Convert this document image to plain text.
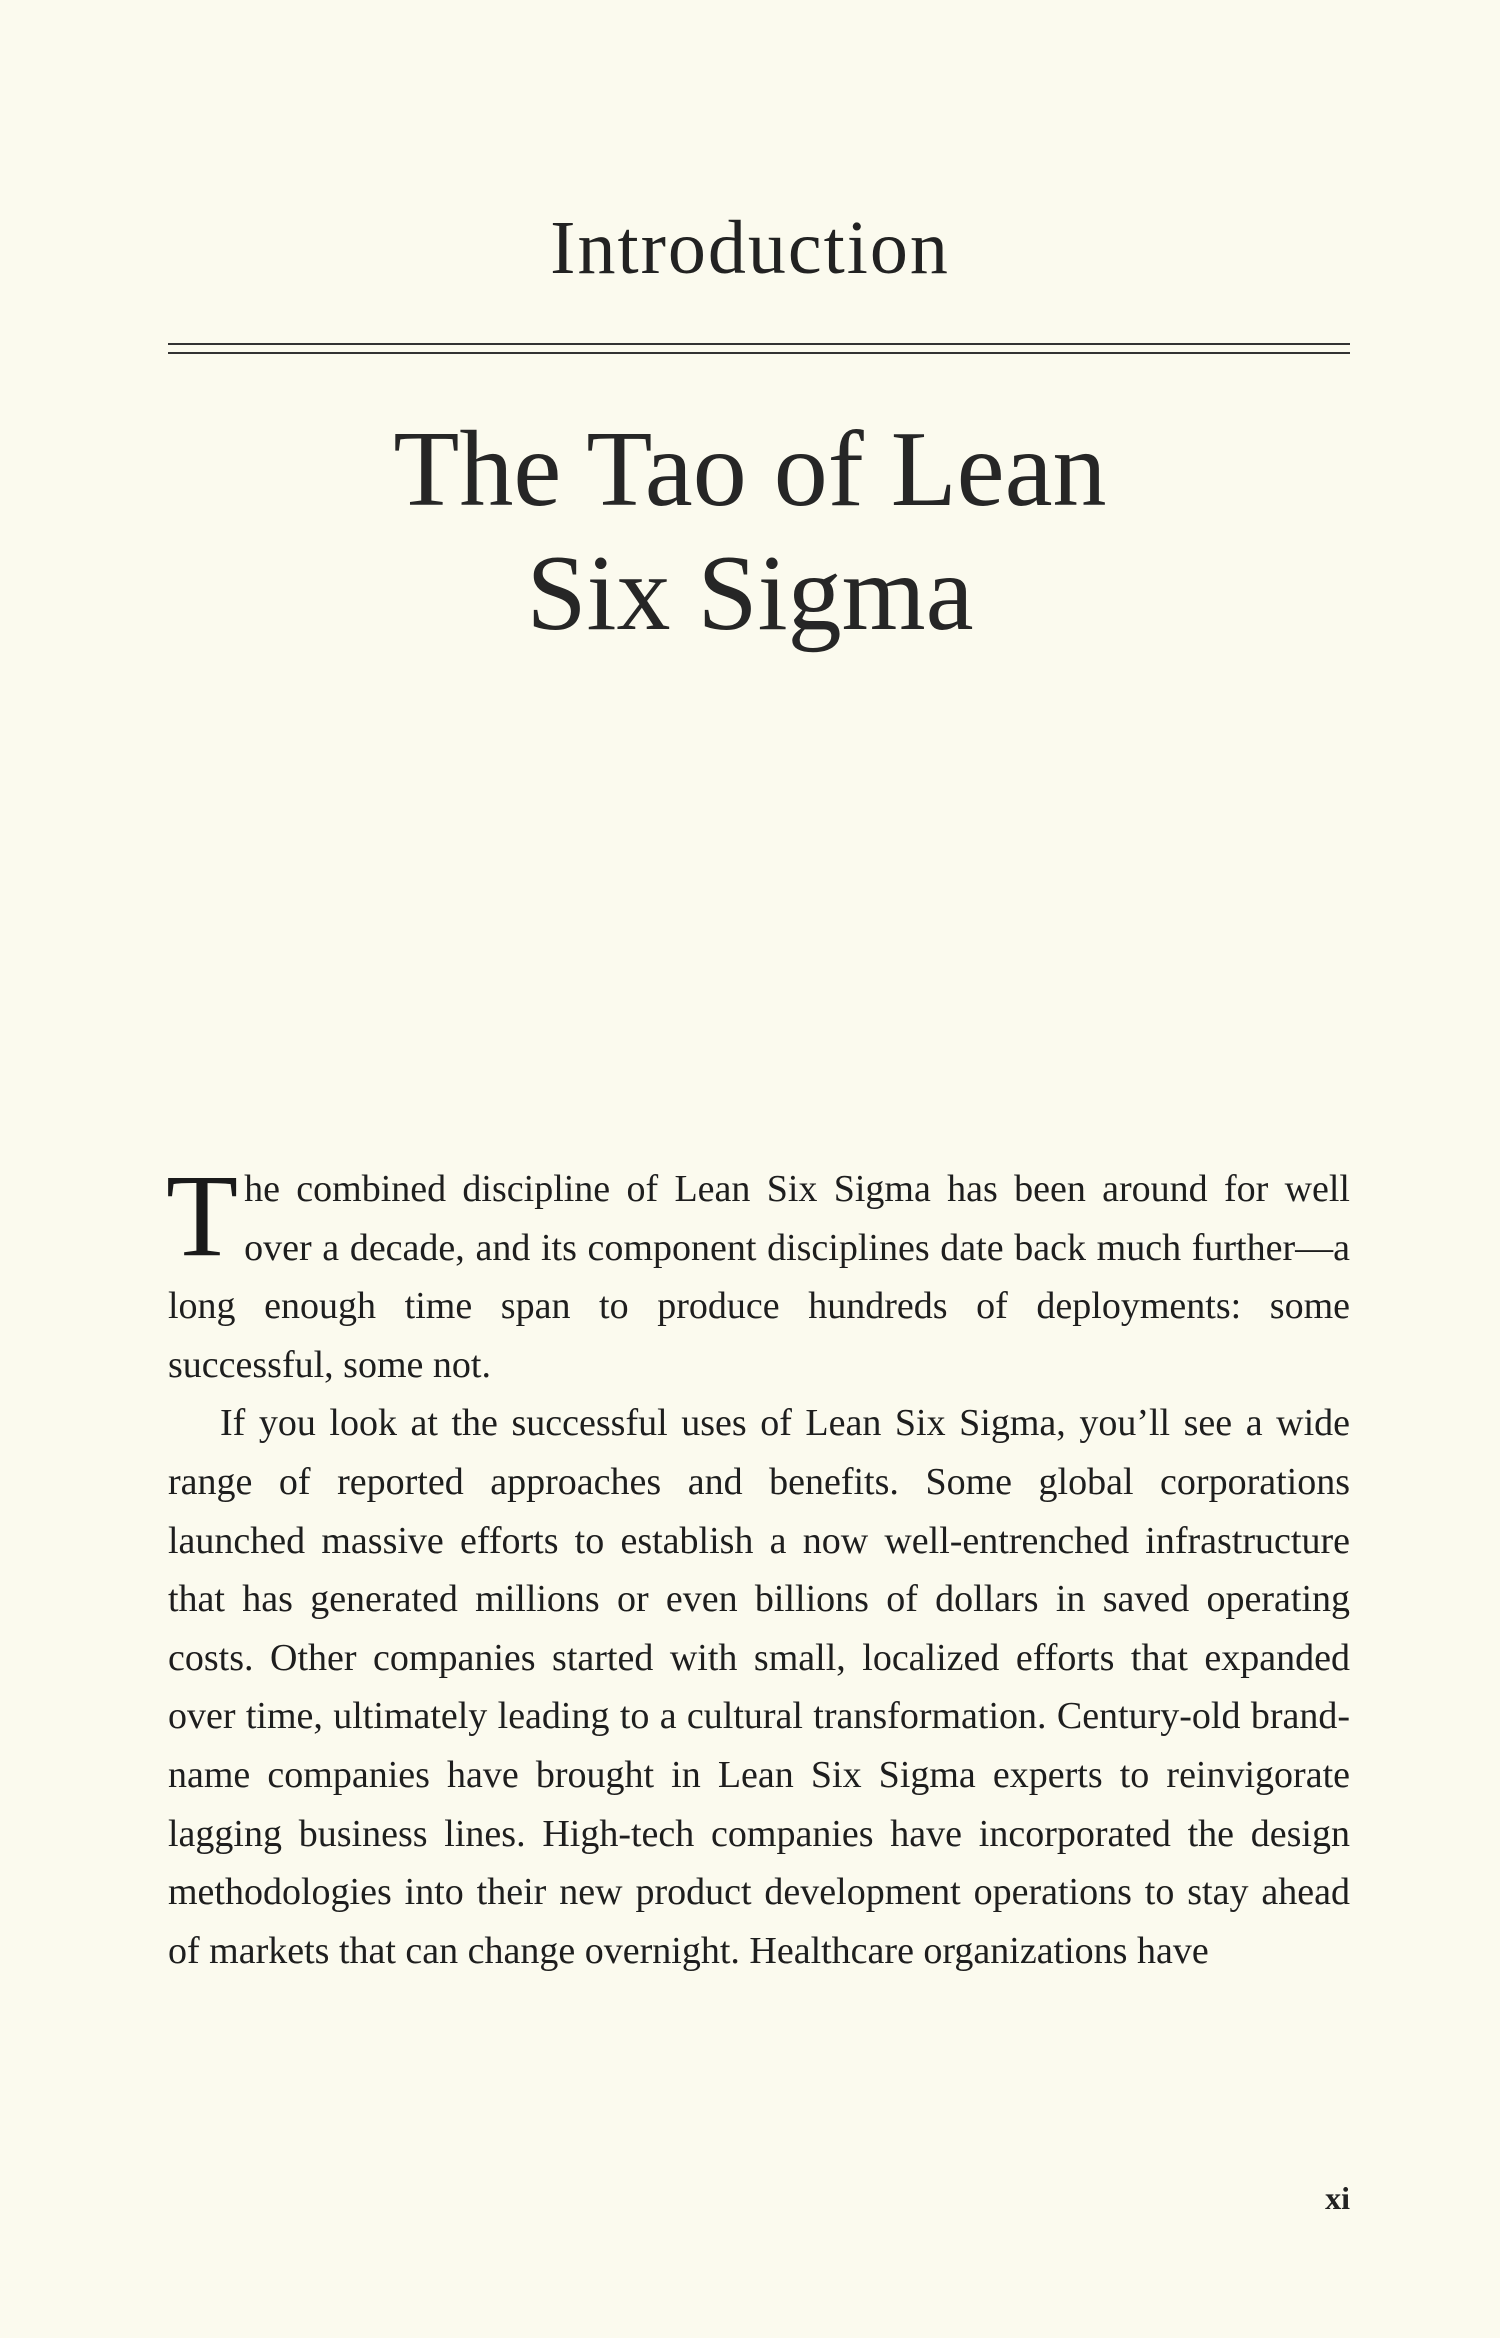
Introduction
The Tao of Lean
Six Sigma

The combined discipline of Lean Six Sigma has been around for well over a decade, and its component disciplines date back much further—a long enough time span to produce hundreds of deployments: some successful, some not.

If you look at the successful uses of Lean Six Sigma, you’ll see a wide range of reported approaches and benefits. Some global corporations launched massive efforts to establish a now well-entrenched infrastructure that has generated millions or even billions of dollars in saved operating costs. Other companies started with small, localized efforts that expanded over time, ultimately leading to a cultural transformation. Century-old brand-name companies have brought in Lean Six Sigma experts to reinvigorate lagging business lines. High-tech companies have incorporated the design methodologies into their new product development operations to stay ahead of markets that can change overnight. Healthcare organizations have

xi
